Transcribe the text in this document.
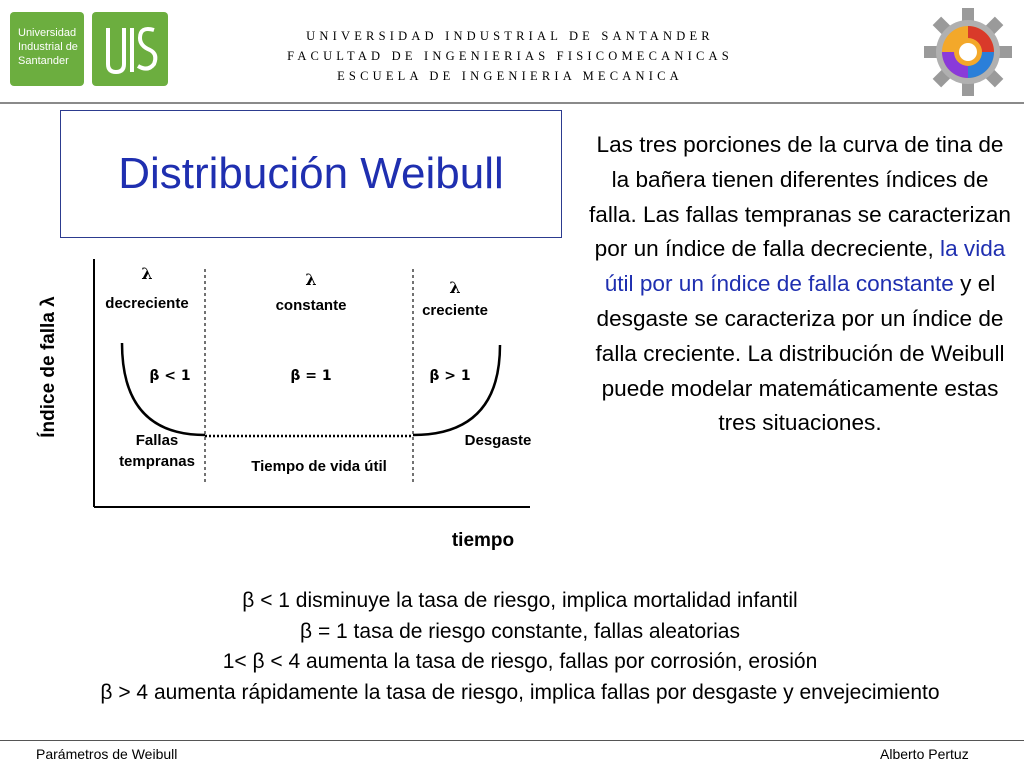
Universidad
Industrial de
Santander
UNIVERSIDAD INDUSTRIAL DE SANTANDER
FACULTAD DE INGENIERIAS FISICOMECANICAS
ESCUELA DE INGENIERIA MECANICA
Distribución Weibull
Las tres porciones de la curva de tina de la bañera tienen diferentes índices de falla. Las fallas tempranas se caracterizan por un índice de falla decreciente, la vida útil por un índice de falla constante y el desgaste se caracteriza por un índice de falla creciente. La distribución de Weibull puede modelar matemáticamente estas tres situaciones.
Índice de falla λ
tiempo
λ
decreciente
β < 1
Fallas
tempranas
λ
constante
β = 1
Tiempo de vida útil
λ
creciente
β > 1
Desgaste
β < 1 disminuye la tasa de riesgo, implica mortalidad infantil
β = 1 tasa de riesgo constante, fallas aleatorias
1< β < 4 aumenta la tasa de riesgo, fallas por corrosión, erosión
β > 4 aumenta rápidamente la tasa de riesgo, implica fallas por desgaste y envejecimiento
Parámetros de Weibull	Alberto Pertuz
